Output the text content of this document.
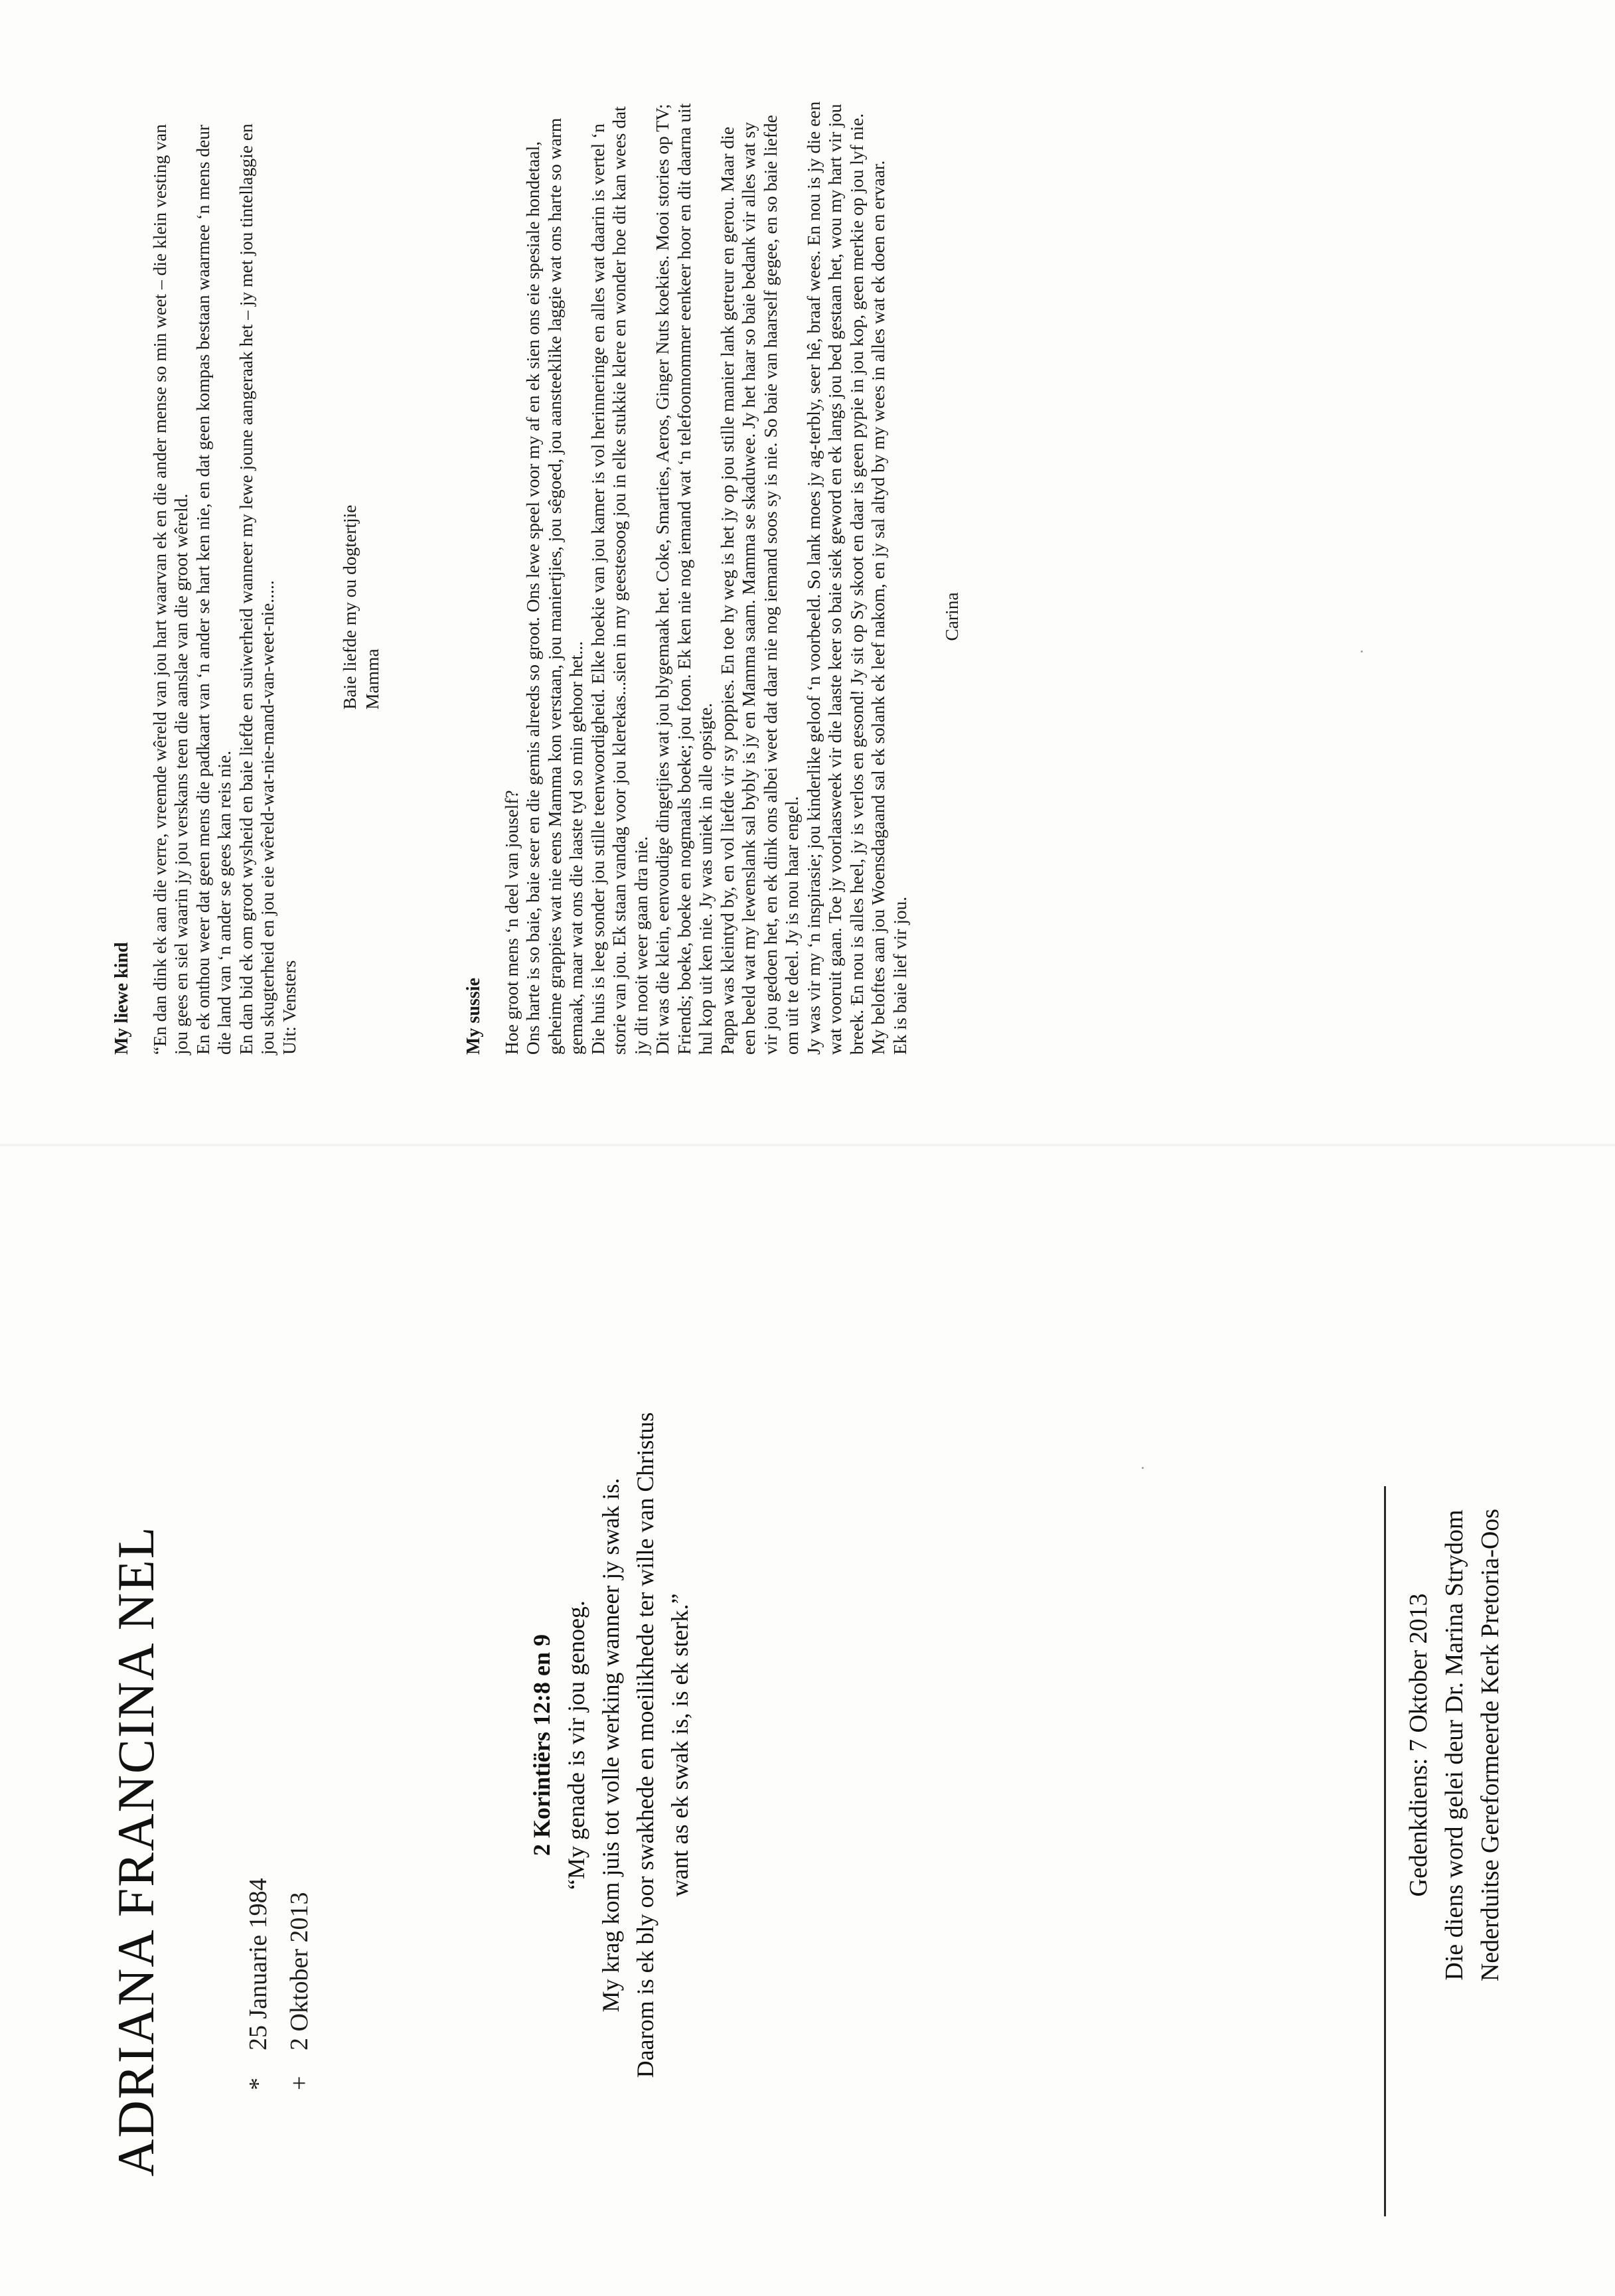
ADRIANA FRANCINA NEL	*
25 Januarie 1984
+
2 Oktober 2013
2 Korintiërs 12:8 en 9 “My genade is vir jou genoeg. My krag kom juis tot volle werking wanneer jy swak is. Daarom is ek bly oor swakhede en moeilikhede ter wille van Christus want as ek swak is, is ek sterk.”	Gedenkdiens: 7 Oktober 2013 Die diens word gelei deur Dr. Marina Strydom Nederduitse Gereformeerde Kerk Pretoria-Oos
My liewe kind “En dan dink ek aan die verre, vreemde wêreld van jou hart waarvan ek en die ander mense so min weet – die klein vesting van jou gees en siel waarin jy jou verskans teen die aanslae van die groot wêreld. En ek onthou weer dat geen mens die padkaart van ‘n ander se hart ken nie, en dat geen kompas bestaan waarmee ‘n mens deur die land van ‘n ander se gees kan reis nie. En dan bid ek om groot wysheid en baie liefde en suiwerheid wanneer my lewe joune aangeraak het – jy met jou tintellaggie en jou skugterheid en jou eie wêreld-wat-nie-mand-van-weet-nie..... Uit: Vensters

Baie liefde my ou dogtertjie Mamma
My sussie Hoe groot mens ‘n deel van jouself? Ons harte is so baie, baie seer en die gemis alreeds so groot. Ons lewe speel voor my af en ek sien ons eie spesiale hondetaal, geheime grappies wat nie eens Mamma kon verstaan, jou maniertjies, jou sêgoed, jou aansteeklike laggie wat ons harte so warm gemaak, maar wat ons die laaste tyd so min gehoor het... Die huis is leeg sonder jou stille teenwoordigheid. Elke hoekie van jou kamer is vol herinneringe en alles wat daarin is vertel ‘n storie van jou. Ek staan vandag voor jou klerekas...sien in my geestesoog jou in elke stukkie klere en wonder hoe dit kan wees dat jy dit nooit weer gaan dra nie. Dit was die klein, eenvoudige dingetjies wat jou blygemaak het. Coke, Smarties, Aeros, Ginger Nuts koekies. Mooi stories op TV; Friends; boeke, boeke en nogmaals boeke; jou foon. Ek ken nie nog iemand wat ‘n telefoonnommer eenkeer hoor en dit daarna uit hul kop uit ken nie. Jy was uniek in alle opsigte. Pappa was kleintyd by, en vol liefde vir sy poppies. En toe hy weg is het jy op jou stille manier lank getreur en gerou. Maar die een beeld wat my lewenslank sal bybly is jy en Mamma saam. Mamma se skaduwee. Jy het haar so baie bedank vir alles wat sy vir jou gedoen het, en ek dink ons albei weet dat daar nie nog iemand soos sy is nie. So baie van haarself gegee, en so baie liefde om uit te deel. Jy is nou haar engel. Jy was vir my ‘n inspirasie; jou kinderlike geloof ‘n voorbeeld. So lank moes jy ag-terbly, seer hê, braaf wees. En nou is jy die een wat vooruit gaan. Toe jy voorlaasweek vir die laaste keer so baie siek geword en ek langs jou bed gestaan het, wou my hart vir jou breek. En nou is alles heel, jy is verlos en gesond! Jy sit op Sy skoot en daar is geen pypie in jou kop, geen merkie op jou lyf nie. My beloftes aan jou Woensdagaand sal ek solank ek leef nakom, en jy sal altyd by my wees in alles wat ek doen en ervaar. Ek is baie lief vir jou.

Carina
